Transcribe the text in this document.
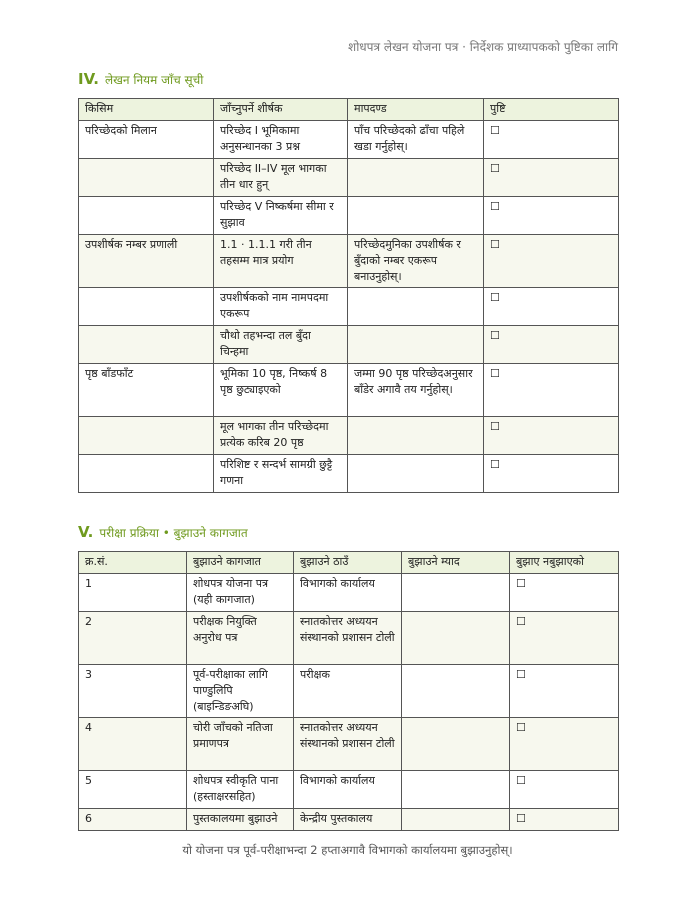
शोधपत्र लेखन योजना पत्र · निर्देशक प्राध्यापकको पुष्टिका लागि
IV. लेखन नियम जाँच सूची
किसिम	जाँच्नुपर्ने शीर्षक	मापदण्ड	पुष्टि
परिच्छेदको मिलान	परिच्छेद I भूमिकामा अनुसन्धानका 3 प्रश्न	पाँच परिच्छेदको ढाँचा पहिले खडा गर्नुहोस्।	☐
	परिच्छेद II–IV मूल भागका तीन धार हुन्		☐
	परिच्छेद V निष्कर्षमा सीमा र सुझाव		☐
उपशीर्षक नम्बर प्रणाली	1.1 · 1.1.1 गरी तीन तहसम्म मात्र प्रयोग	परिच्छेदमुनिका उपशीर्षक र बुँदाको नम्बर एकरूप बनाउनुहोस्।	☐
	उपशीर्षकको नाम नामपदमा एकरूप		☐
	चौथो तहभन्दा तल बुँदा चिन्हमा		☐
पृष्ठ बाँडफाँट	भूमिका 10 पृष्ठ, निष्कर्ष 8 पृष्ठ छुट्याइएको	जम्मा 90 पृष्ठ परिच्छेदअनुसार बाँडेर अगावै तय गर्नुहोस्।	☐
	मूल भागका तीन परिच्छेदमा प्रत्येक करिब 20 पृष्ठ		☐
	परिशिष्ट र सन्दर्भ सामग्री छुट्टै गणना		☐
V. परीक्षा प्रक्रिया • बुझाउने कागजात
क्र.सं.	बुझाउने कागजात	बुझाउने ठाउँ	बुझाउने म्याद	बुझाए नबुझाएको
1	शोधपत्र योजना पत्र (यही कागजात)	विभागको कार्यालय		☐
2	परीक्षक नियुक्ति अनुरोध पत्र	स्नातकोत्तर अध्ययन संस्थानको प्रशासन टोली		☐
3	पूर्व-परीक्षाका लागि पाण्डुलिपि (बाइन्डिङअघि)	परीक्षक		☐
4	चोरी जाँचको नतिजा प्रमाणपत्र	स्नातकोत्तर अध्ययन संस्थानको प्रशासन टोली		☐
5	शोधपत्र स्वीकृति पाना (हस्ताक्षरसहित)	विभागको कार्यालय		☐
6	पुस्तकालयमा बुझाउने	केन्द्रीय पुस्तकालय		☐
यो योजना पत्र पूर्व-परीक्षाभन्दा 2 हप्ताअगावै विभागको कार्यालयमा बुझाउनुहोस्।
